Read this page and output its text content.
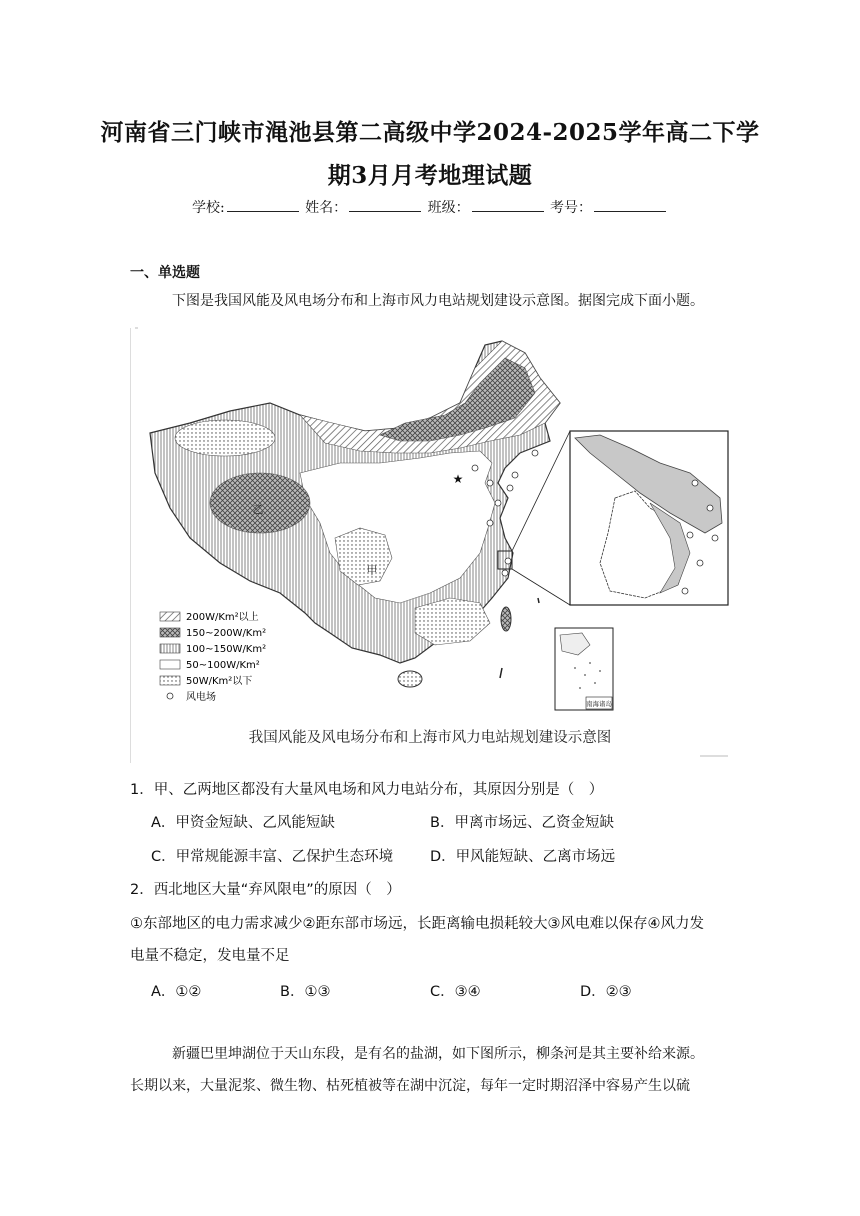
河南省三门峡市渑池县第二高级中学2024-2025学年高二下学
期3月月考地理试题
学校:	姓名：	班级：	考号：
一、单选题
下图是我国风能及风电场分布和上海市风力电站规划建设示意图。据图完成下面小题。
乙
甲
★
200W/Km²以上
150~200W/Km²
100~150W/Km²
50~100W/Km²
50W/Km²以下
风电场
南海诸岛
我国风能及风电场分布和上海市风力电站规划建设示意图
1．甲、乙两地区都没有大量风电场和风力电站分布，其原因分别是（　）
A．甲资金短缺、乙风能短缺	B．甲离市场远、乙资金短缺
C．甲常规能源丰富、乙保护生态环境	D．甲风能短缺、乙离市场远
2．西北地区大量“弃风限电”的原因（　）
①东部地区的电力需求减少②距东部市场远，长距离输电损耗较大③风电难以保存④风力发
电量不稳定，发电量不足
A．①②	B．①③	C．③④	D．②③
新疆巴里坤湖位于天山东段，是有名的盐湖，如下图所示，柳条河是其主要补给来源。
长期以来，大量泥浆、微生物、枯死植被等在湖中沉淀，每年一定时期沼泽中容易产生以硫
